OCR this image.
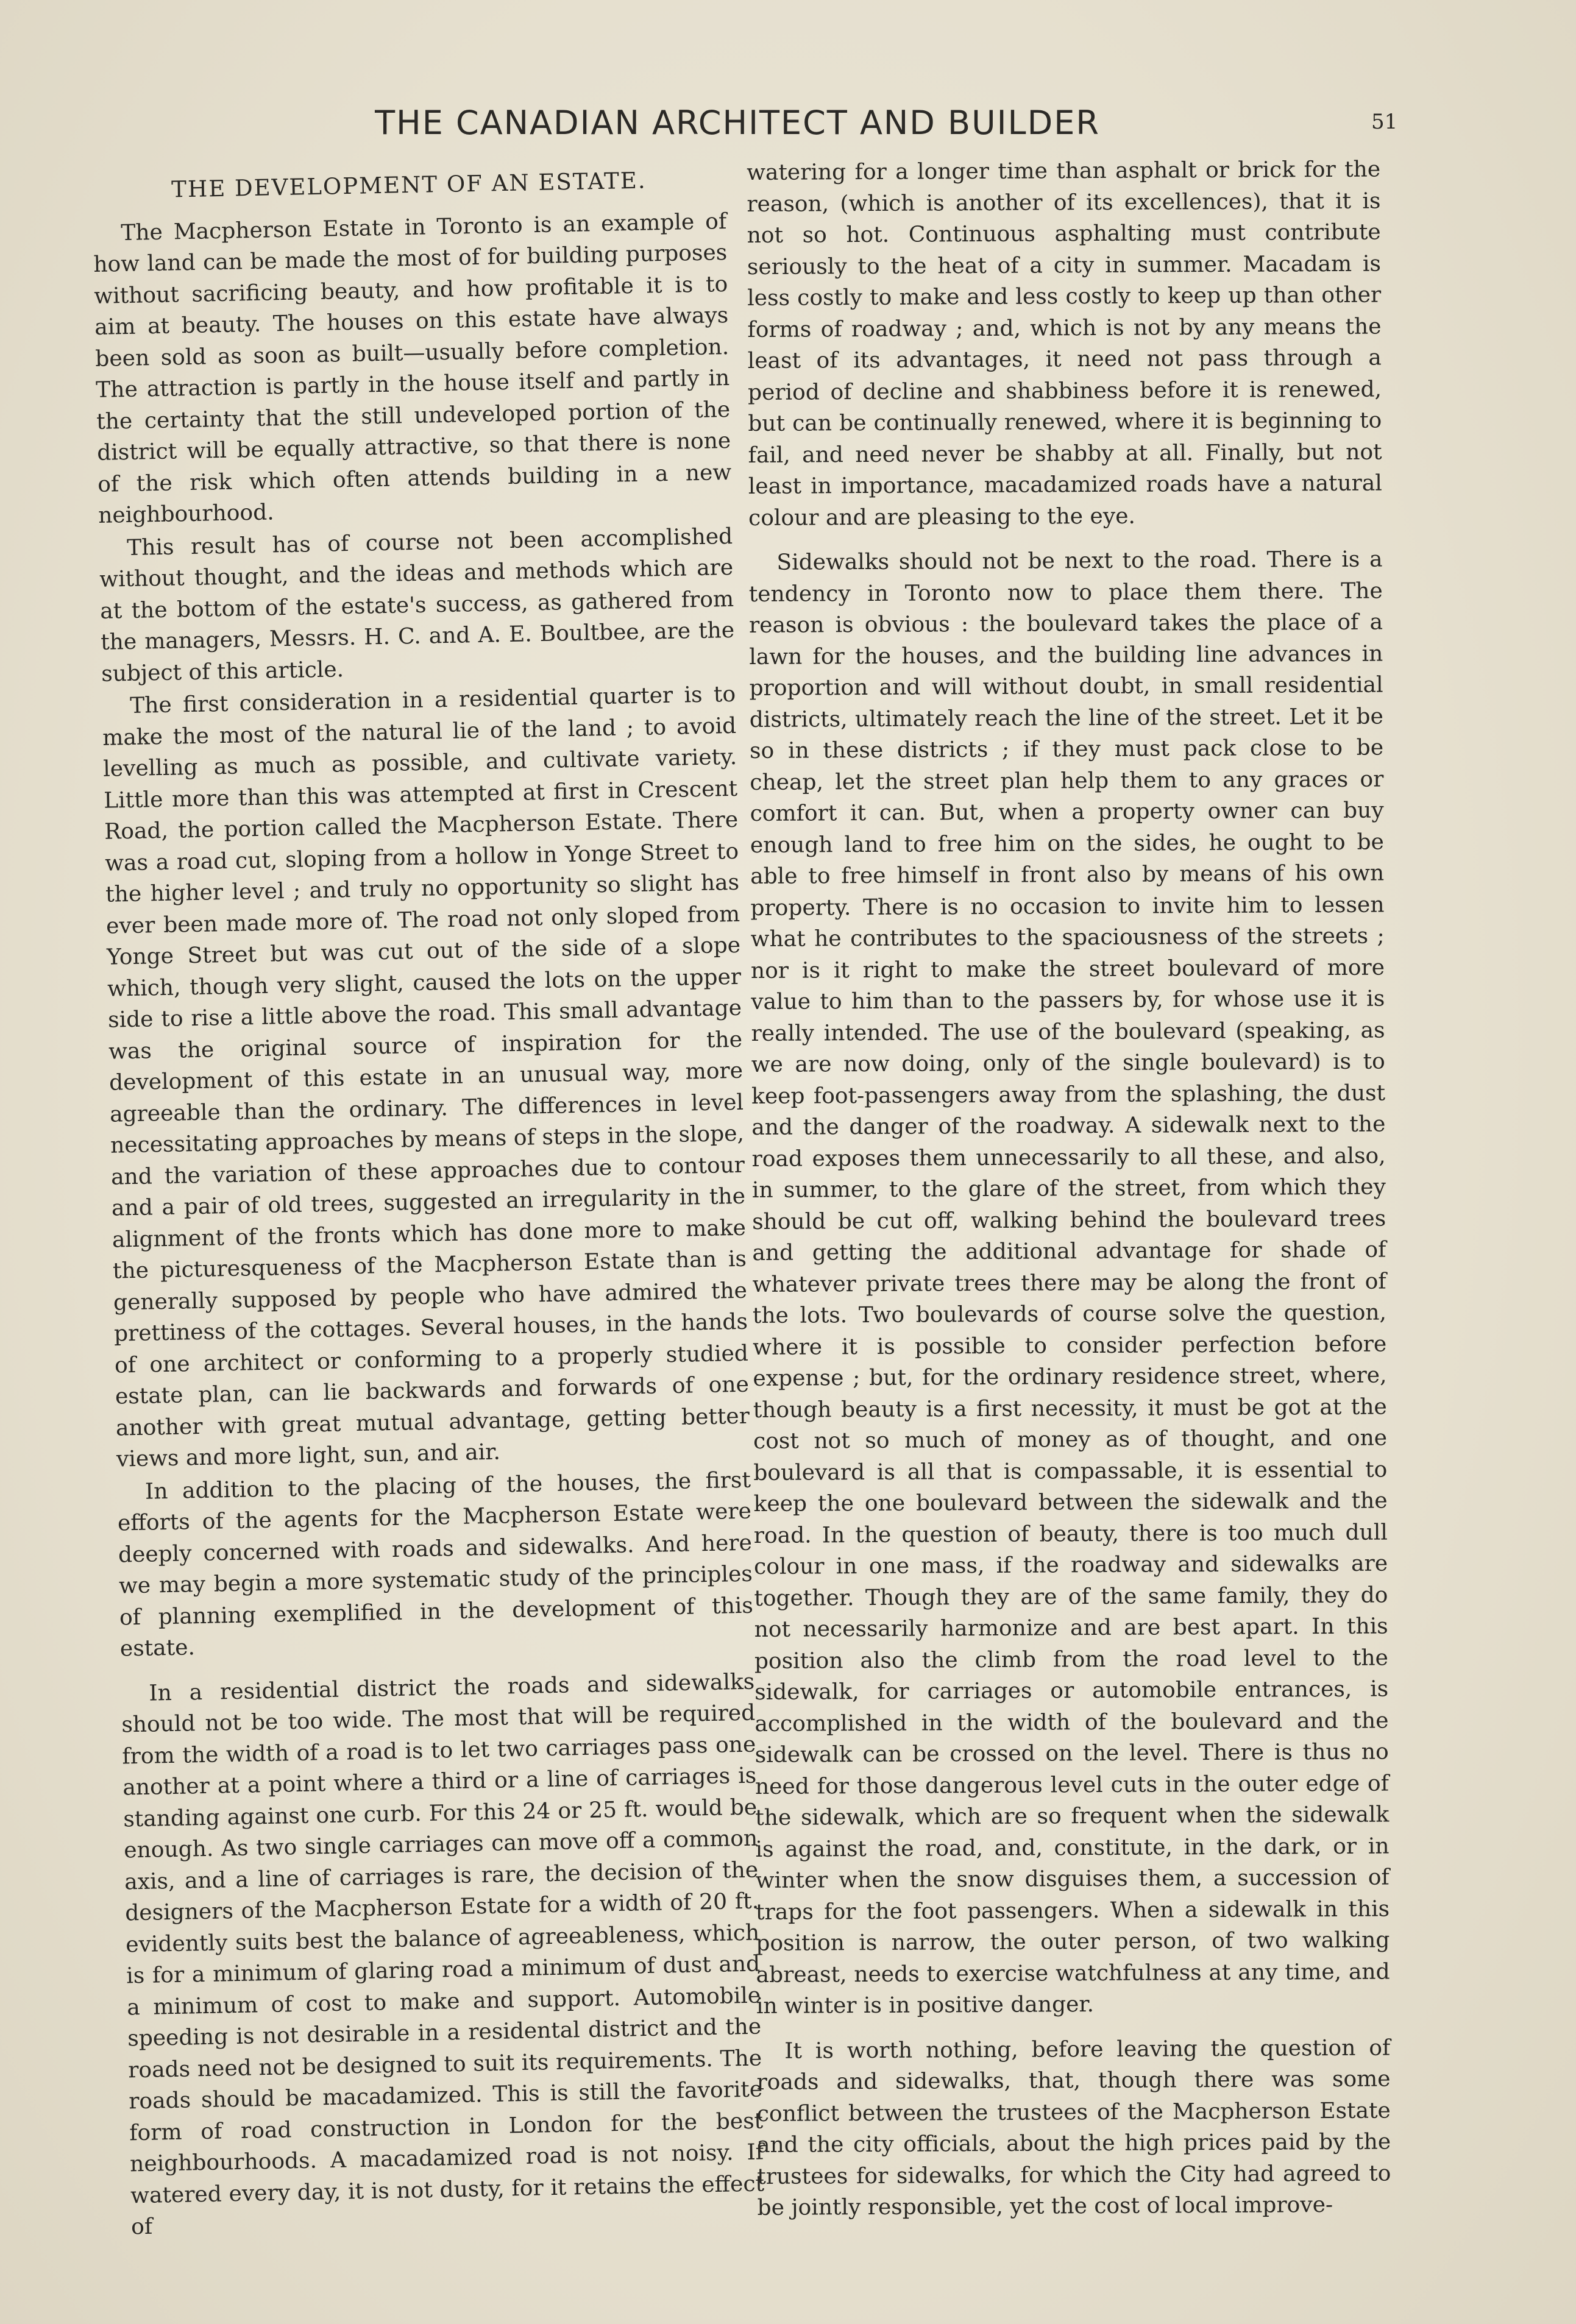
THE CANADIAN ARCHITECT AND BUILDER	51
THE DEVELOPMENT OF AN ESTATE.

The Macpherson Estate in Toronto is an example of how land can be made the most of for building purposes without sacrificing beauty, and how profitable it is to aim at beauty. The houses on this estate have always been sold as soon as built—usually before completion. The attraction is partly in the house itself and partly in the certainty that the still undeveloped portion of the district will be equally attractive, so that there is none of the risk which often attends building in a new neighbourhood.

This result has of course not been accomplished without thought, and the ideas and methods which are at the bottom of the estate's success, as gathered from the managers, Messrs. H. C. and A. E. Boultbee, are the subject of this article.

The first consideration in a residential quarter is to make the most of the natural lie of the land ; to avoid levelling as much as possible, and cultivate variety. Little more than this was attempted at first in Crescent Road, the portion called the Macpherson Estate. There was a road cut, sloping from a hollow in Yonge Street to the higher level ; and truly no opportunity so slight has ever been made more of. The road not only sloped from Yonge Street but was cut out of the side of a slope which, though very slight, caused the lots on the upper side to rise a little above the road. This small advantage was the original source of inspiration for the development of this estate in an unusual way, more agreeable than the ordinary. The differences in level necessitating approaches by means of steps in the slope, and the variation of these approaches due to contour and a pair of old trees, suggested an irregularity in the alignment of the fronts which has done more to make the picturesqueness of the Macpherson Estate than is generally supposed by people who have admired the prettiness of the cottages. Several houses, in the hands of one architect or conforming to a properly studied estate plan, can lie backwards and forwards of one another with great mutual advantage, getting better views and more light, sun, and air.

In addition to the placing of the houses, the first efforts of the agents for the Macpherson Estate were deeply concerned with roads and sidewalks. And here we may begin a more systematic study of the principles of planning exemplified in the development of this estate.

In a residential district the roads and sidewalks should not be too wide. The most that will be required from the width of a road is to let two carriages pass one another at a point where a third or a line of carriages is standing against one curb. For this 24 or 25 ft. would be enough. As two single carriages can move off a common axis, and a line of carriages is rare, the decision of the designers of the Macpherson Estate for a width of 20 ft. evidently suits best the balance of agreeableness, which is for a minimum of glaring road a minimum of dust and a minimum of cost to make and support. Automobile speeding is not desirable in a residental district and the roads need not be designed to suit its requirements. The roads should be macadamized. This is still the favorite form of road construction in London for the best neighbourhoods. A macadamized road is not noisy. If watered every day, it is not dusty, for it retains the effect of

watering for a longer time than asphalt or brick for the reason, (which is another of its excellences), that it is not so hot. Continuous asphalting must contribute seriously to the heat of a city in summer. Macadam is less costly to make and less costly to keep up than other forms of roadway ; and, which is not by any means the least of its advantages, it need not pass through a period of decline and shabbiness before it is renewed, but can be continually renewed, where it is beginning to fail, and need never be shabby at all. Finally, but not least in importance, macadamized roads have a natural colour and are pleasing to the eye.

Sidewalks should not be next to the road. There is a tendency in Toronto now to place them there. The reason is obvious : the boulevard takes the place of a lawn for the houses, and the building line advances in proportion and will without doubt, in small residential districts, ultimately reach the line of the street. Let it be so in these districts ; if they must pack close to be cheap, let the street plan help them to any graces or comfort it can. But, when a property owner can buy enough land to free him on the sides, he ought to be able to free himself in front also by means of his own property. There is no occasion to invite him to lessen what he contributes to the spaciousness of the streets ; nor is it right to make the street boulevard of more value to him than to the passers by, for whose use it is really intended. The use of the boulevard (speaking, as we are now doing, only of the single boulevard) is to keep foot-passengers away from the splashing, the dust and the danger of the roadway. A sidewalk next to the road exposes them unnecessarily to all these, and also, in summer, to the glare of the street, from which they should be cut off, walking behind the boulevard trees and getting the additional advantage for shade of whatever private trees there may be along the front of the lots. Two boulevards of course solve the question, where it is possible to consider perfection before expense ; but, for the ordinary residence street, where, though beauty is a first necessity, it must be got at the cost not so much of money as of thought, and one boulevard is all that is compassable, it is essential to keep the one boulevard between the sidewalk and the road. In the question of beauty, there is too much dull colour in one mass, if the roadway and sidewalks are together. Though they are of the same family, they do not necessarily harmonize and are best apart. In this position also the climb from the road level to the sidewalk, for carriages or automobile entrances, is accomplished in the width of the boulevard and the sidewalk can be crossed on the level. There is thus no need for those dangerous level cuts in the outer edge of the sidewalk, which are so frequent when the sidewalk is against the road, and, constitute, in the dark, or in winter when the snow disguises them, a succession of traps for the foot passengers. When a sidewalk in this position is narrow, the outer person, of two walking abreast, needs to exercise watchfulness at any time, and in winter is in positive danger.

It is worth nothing, before leaving the question of roads and sidewalks, that, though there was some conflict between the trustees of the Macpherson Estate and the city officials, about the high prices paid by the trustees for sidewalks, for which the City had agreed to be jointly responsible, yet the cost of local improve-
